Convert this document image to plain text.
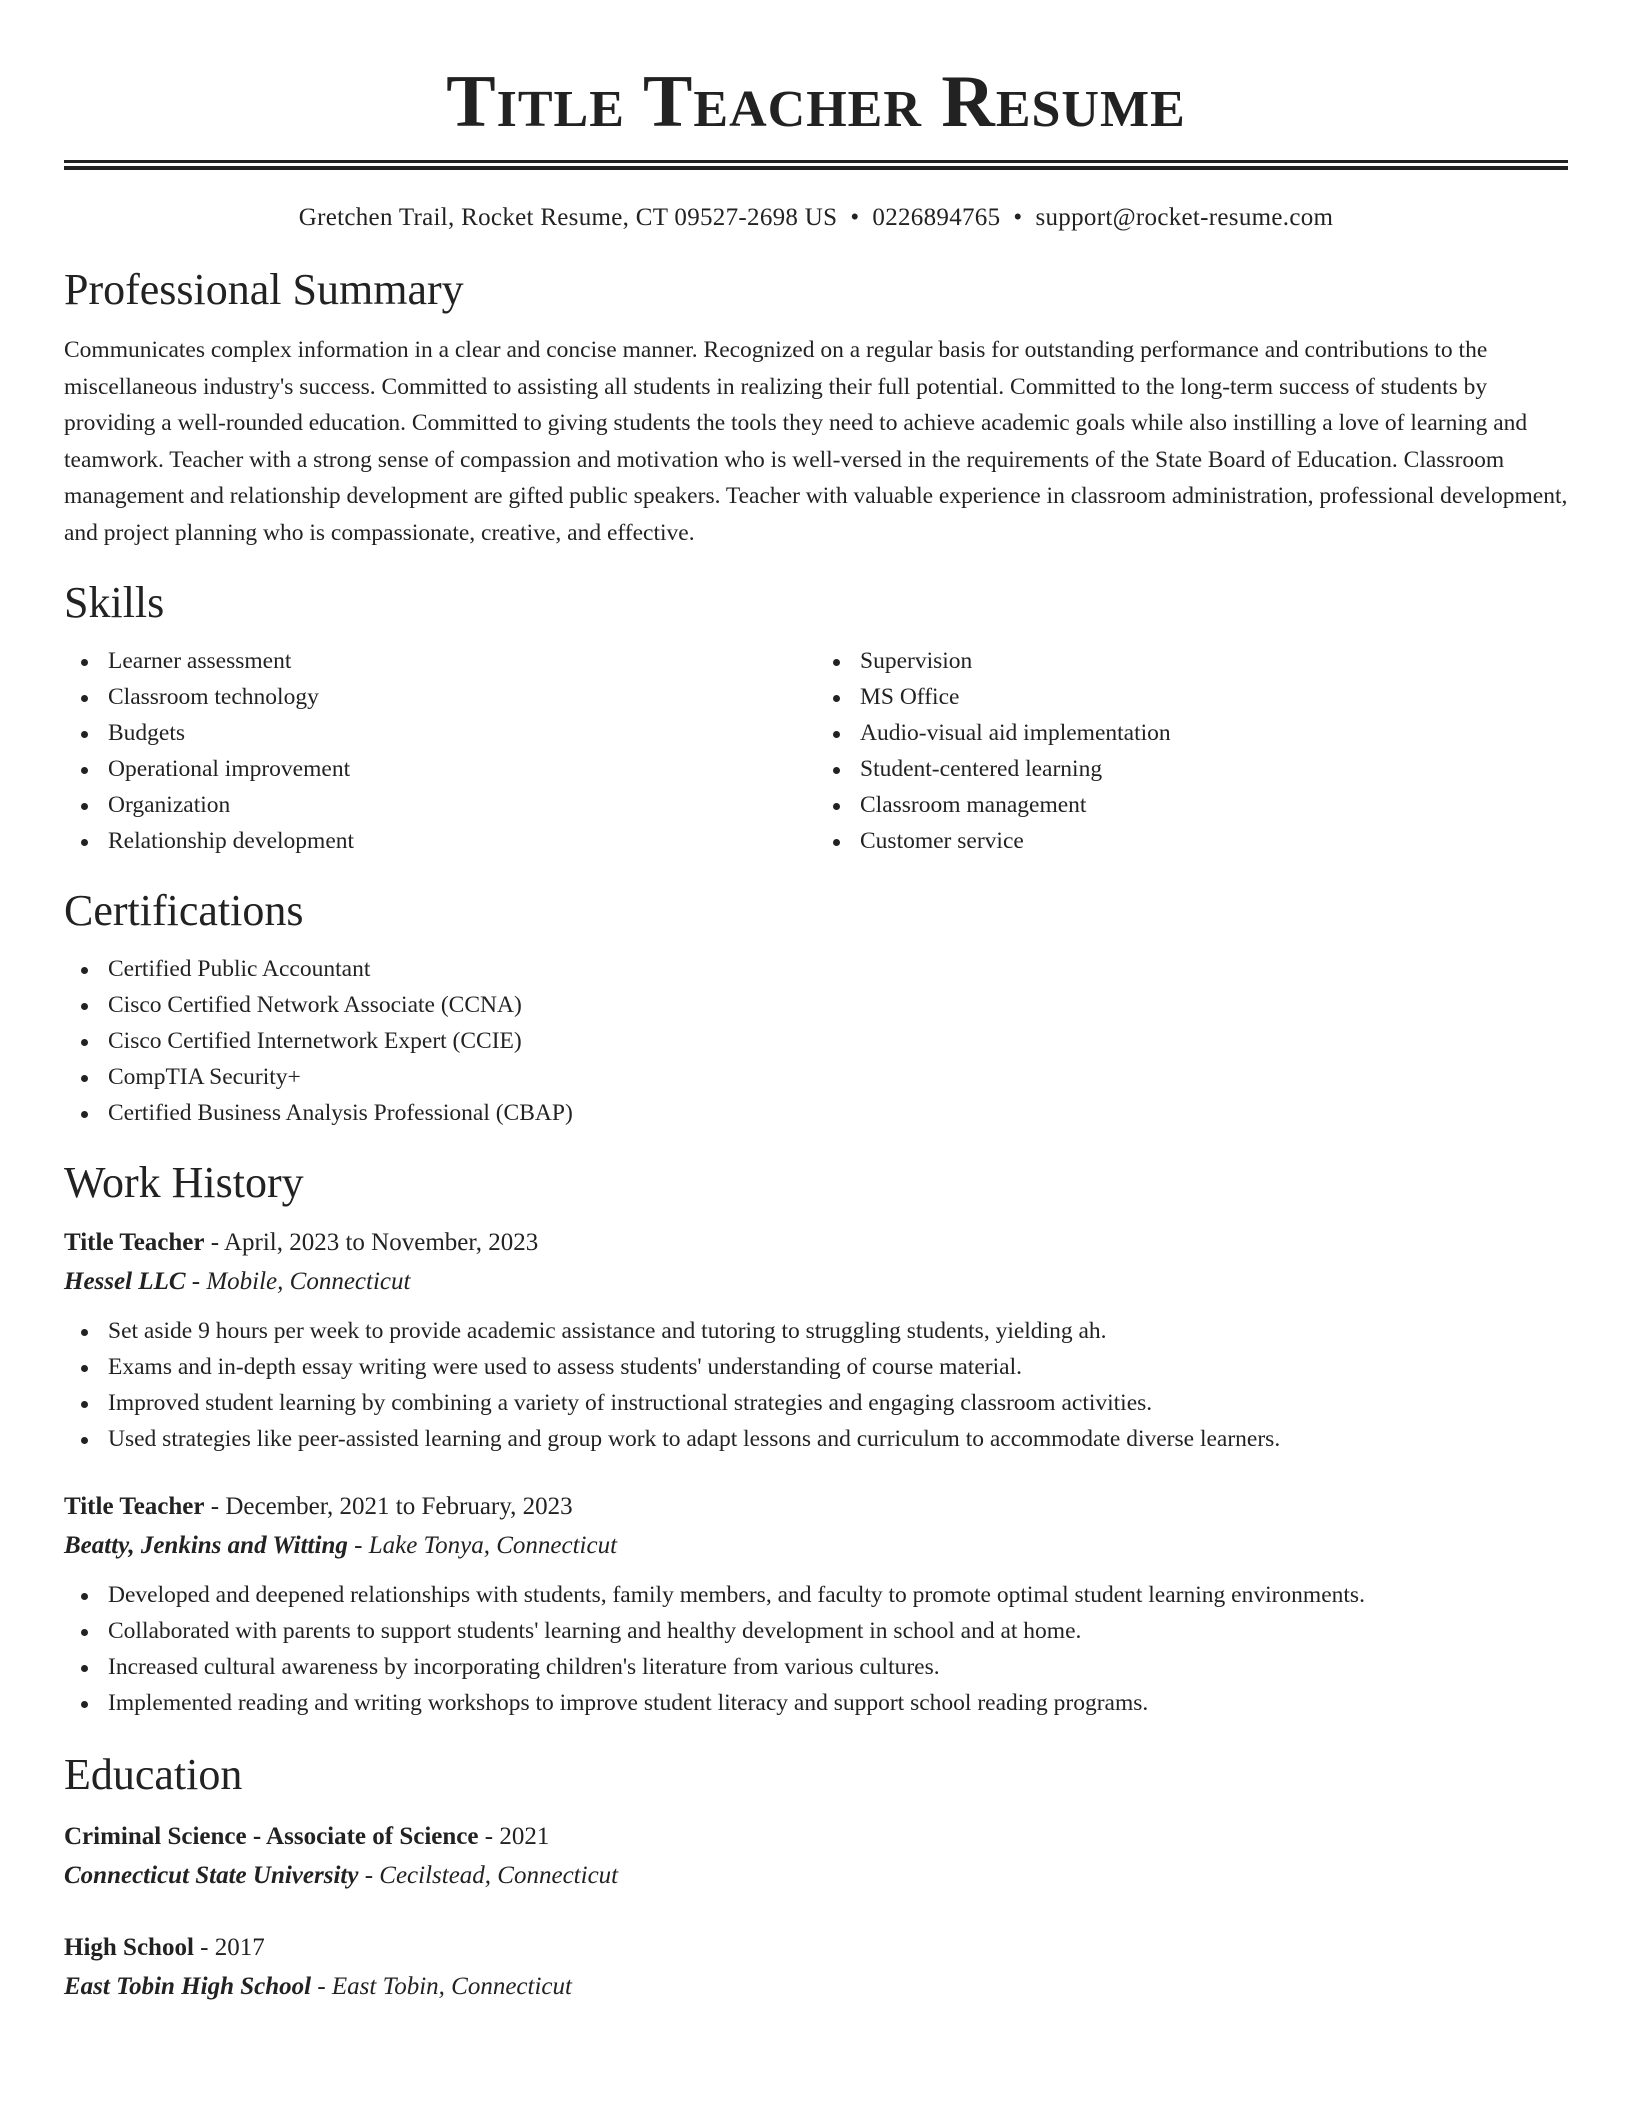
Title Teacher Resume
Gretchen Trail, Rocket Resume, CT 09527-2698 US • 0226894765 • support@rocket-resume.com
Professional Summary

Communicates complex information in a clear and concise manner. Recognized on a regular basis for outstanding performance and contributions to the miscellaneous industry's success. Committed to assisting all students in realizing their full potential. Committed to the long-term success of students by providing a well-rounded education. Committed to giving students the tools they need to achieve academic goals while also instilling a love of learning and teamwork. Teacher with a strong sense of compassion and motivation who is well-versed in the requirements of the State Board of Education. Classroom management and relationship development are gifted public speakers. Teacher with valuable experience in classroom administration, professional development, and project planning who is compassionate, creative, and effective.

Skills
Learner assessment
Classroom technology
Budgets
Operational improvement
Organization
Relationship development
Supervision
MS Office
Audio-visual aid implementation
Student-centered learning
Classroom management
Customer service
Certifications
Certified Public Accountant
Cisco Certified Network Associate (CCNA)
Cisco Certified Internetwork Expert (CCIE)
CompTIA Security+
Certified Business Analysis Professional (CBAP)
Work History
Title Teacher - April, 2023 to November, 2023
Hessel LLC - Mobile, Connecticut
Set aside 9 hours per week to provide academic assistance and tutoring to struggling students, yielding ah.
Exams and in-depth essay writing were used to assess students' understanding of course material.
Improved student learning by combining a variety of instructional strategies and engaging classroom activities.
Used strategies like peer-assisted learning and group work to adapt lessons and curriculum to accommodate diverse learners.
Title Teacher - December, 2021 to February, 2023
Beatty, Jenkins and Witting - Lake Tonya, Connecticut
Developed and deepened relationships with students, family members, and faculty to promote optimal student learning environments.
Collaborated with parents to support students' learning and healthy development in school and at home.
Increased cultural awareness by incorporating children's literature from various cultures.
Implemented reading and writing workshops to improve student literacy and support school reading programs.
Education
Criminal Science - Associate of Science - 2021
Connecticut State University - Cecilstead, Connecticut
High School - 2017
East Tobin High School - East Tobin, Connecticut
